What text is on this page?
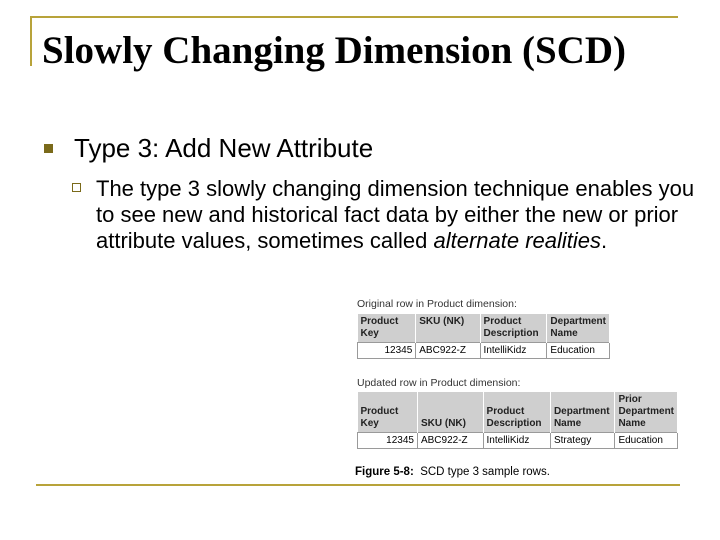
Slowly Changing Dimension (SCD)

Type 3: Add New Attribute

The type 3 slowly changing dimension technique enables you to see new and historical fact data by either the new or prior attribute values, sometimes called alternate realities.

Original row in Product dimension:
Product Key	SKU (NK)	Product Description	Department Name
12345	ABC922-Z	IntelliKidz	Education
Updated row in Product dimension:
Product Key	SKU (NK)	Product Description	Department Name	Prior Department Name
12345	ABC922-Z	IntelliKidz	Strategy	Education
Figure 5-8: SCD type 3 sample rows.
